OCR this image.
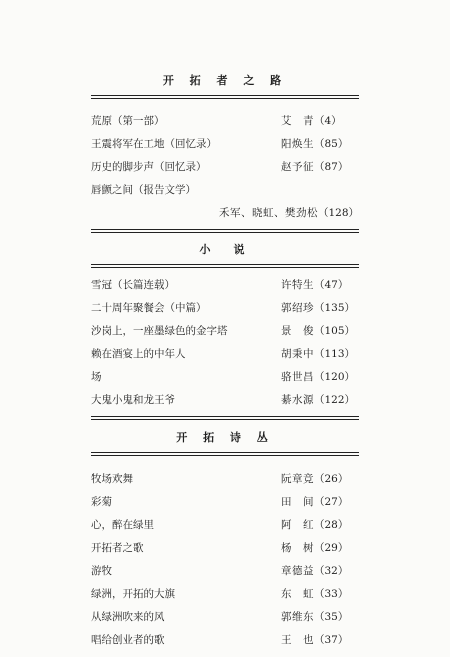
开 拓 者 之 路
荒原（第一部）	艾　青（4）
王震将军在工地（回忆录）	阳焕生（85）
历史的脚步声（回忆录）	赵予征（87）
唇颤之间（报告文学）
禾军、晓虹、樊劲松（128）
小　说
雪冠（长篇连载）	许特生（47）
二十周年聚餐会（中篇）	郭绍珍（135）
沙岗上，一座墨绿色的金字塔	景　俊（105）
赖在酒宴上的中年人	胡秉中（113）
场	骆世昌（120）
大鬼小鬼和龙王爷	綦水源（122）
开 拓 诗 丛
牧场欢舞	阮章竞（26）
彩菊	田　间（27）
心，醉在绿里	阿　红（28）
开拓者之歌	杨　树（29）
游牧	章德益（32）
绿洲，开拓的大旗	东　虹（33）
从绿洲吹来的风	郭维东（35）
唱给创业者的歌	王　也（37）
